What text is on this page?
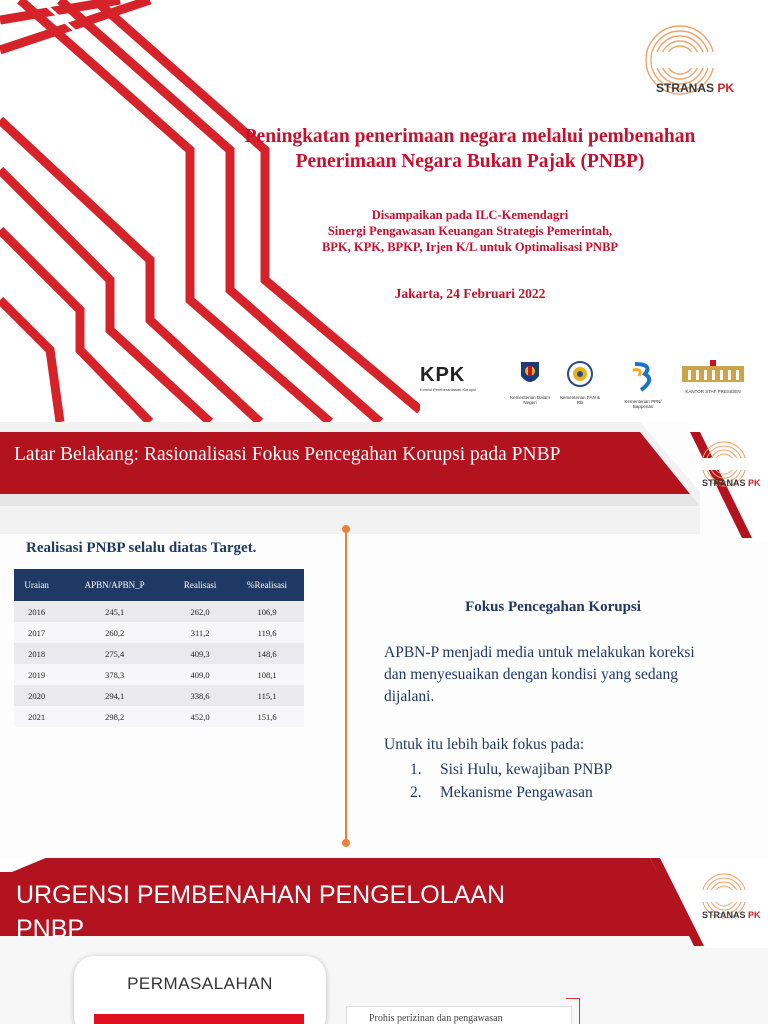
STRANAS PK
Peningkatan penerimaan negara melalui pembenahan
Penerimaan Negara Bukan Pajak (PNBP)
Disampaikan pada ILC-Kemendagri
Sinergi Pengawasan Keuangan Strategis Pemerintah,
BPK, KPK, BPKP, Irjen K/L untuk Optimalisasi PNBP
Jakarta, 24 Februari 2022
KPK
Komisi Pemberantasan Korupsi
Kementerian Dalam Negeri
Kementerian PAN & RB	Kementerian PPN/ Bappenas
KANTOR STAF PRESIDEN
Latar Belakang: Rasionalisasi Fokus Pencegahan Korupsi pada PNBP
STRANAS PK
Realisasi PNBP selalu diatas Target.
Uraian	APBN/APBN_P	Realisasi	%Realisasi
2016	245,1	262,0	106,9
2017	260,2	311,2	119,6
2018	275,4	409,3	148,6
2019	378,3	409,0	108,1
2020	294,1	338,6	115,1
2021	298,2	452,0	151,6
Fokus Pencegahan Korupsi
APBN-P menjadi media untuk melakukan koreksi
dan menyesuaikan dengan kondisi yang sedang
dijalani.
Untuk itu lebih baik fokus pada:
1. Sisi Hulu, kewajiban PNBP
2. Mekanisme Pengawasan
URGENSI PEMBENAHAN PENGELOLAAN
PNBP	STRANAS PK
PERMASALAHAN
Prohis perizinan dan pengawasan
